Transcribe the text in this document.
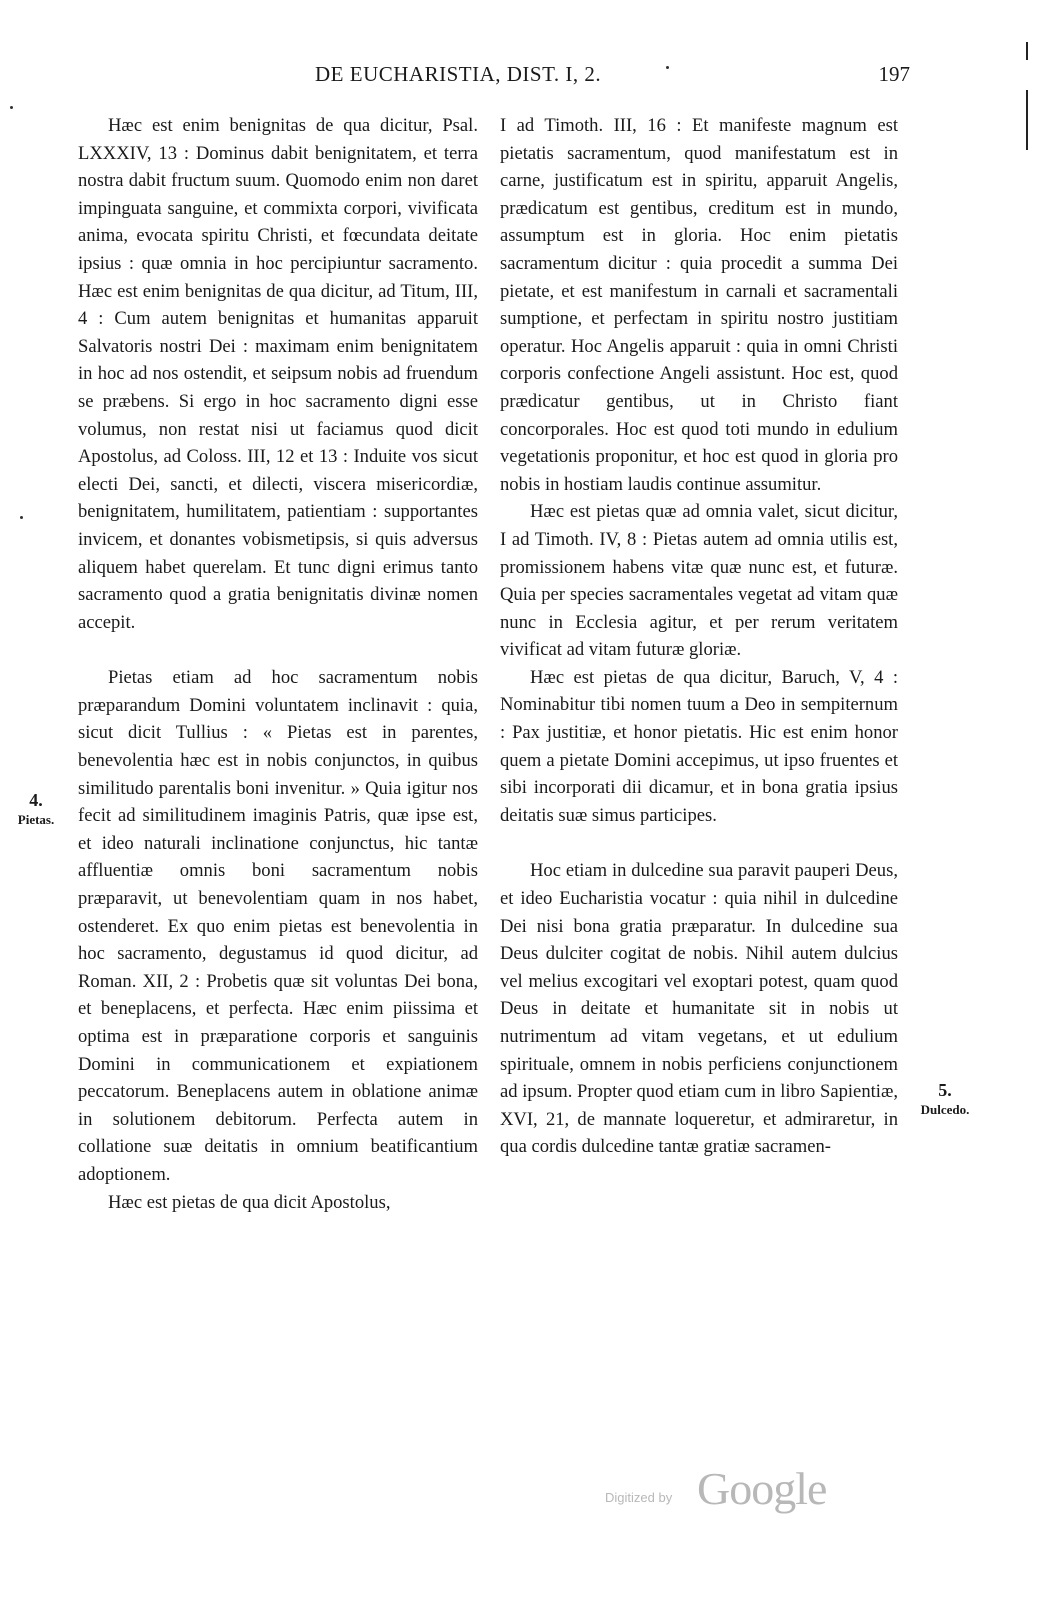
DE EUCHARISTIA, DIST. I, 2.	197

Hæc est enim benignitas de qua dicitur, Psal. LXXXIV, 13 : Dominus dabit benignitatem, et terra nostra dabit fructum suum. Quomodo enim non daret impinguata sanguine, et commixta corpori, vivificata anima, evocata spiritu Christi, et fœcundata deitate ipsius : quæ omnia in hoc percipiuntur sacramento. Hæc est enim benignitas de qua dicitur, ad Titum, III, 4 : Cum autem benignitas et humanitas apparuit Salvatoris nostri Dei : maximam enim benignitatem in hoc ad nos ostendit, et seipsum nobis ad fruendum se præbens. Si ergo in hoc sacramento digni esse volumus, non restat nisi ut faciamus quod dicit Apostolus, ad Coloss. III, 12 et 13 : Induite vos sicut electi Dei, sancti, et dilecti, viscera misericordiæ, benignitatem, humilitatem, patientiam : supportantes invicem, et donantes vobismetipsis, si quis adversus aliquem habet querelam. Et tunc digni erimus tanto sacramento quod a gratia benignitatis divinæ nomen accepit.

Pietas etiam ad hoc sacramentum nobis præparandum Domini voluntatem inclinavit : quia, sicut dicit Tullius : « Pietas est in parentes, benevolentia hæc est in nobis conjunctos, in quibus similitudo parentalis boni invenitur. » Quia igitur nos fecit ad similitudinem imaginis Patris, quæ ipse est, et ideo naturali inclinatione conjunctus, hic tantæ affluentiæ omnis boni sacramentum nobis præparavit, ut benevolentiam quam in nos habet, ostenderet. Ex quo enim pietas est benevolentia in hoc sacramento, degustamus id quod dicitur, ad Roman. XII, 2 : Probetis quæ sit voluntas Dei bona, et beneplacens, et perfecta. Hæc enim piissima et optima est in præparatione corporis et sanguinis Domini in communicationem et expiationem peccatorum. Beneplacens autem in oblatione animæ in solutionem debitorum. Perfecta autem in collatione suæ deitatis in omnium beatificantium adoptionem.

Hæc est pietas de qua dicit Apostolus,

I ad Timoth. III, 16 : Et manifeste magnum est pietatis sacramentum, quod manifestatum est in carne, justificatum est in spiritu, apparuit Angelis, prædicatum est gentibus, creditum est in mundo, assumptum est in gloria. Hoc enim pietatis sacramentum dicitur : quia procedit a summa Dei pietate, et est manifestum in carnali et sacramentali sumptione, et perfectam in spiritu nostro justitiam operatur. Hoc Angelis apparuit : quia in omni Christi corporis confectione Angeli assistunt. Hoc est, quod prædicatur gentibus, ut in Christo fiant concorporales. Hoc est quod toti mundo in edulium vegetationis proponitur, et hoc est quod in gloria pro nobis in hostiam laudis continue assumitur.

Hæc est pietas quæ ad omnia valet, sicut dicitur, I ad Timoth. IV, 8 : Pietas autem ad omnia utilis est, promissionem habens vitæ quæ nunc est, et futuræ. Quia per species sacramentales vegetat ad vitam quæ nunc in Ecclesia agitur, et per rerum veritatem vivificat ad vitam futuræ gloriæ.

Hæc est pietas de qua dicitur, Baruch, V, 4 : Nominabitur tibi nomen tuum a Deo in sempiternum : Pax justitiæ, et honor pietatis. Hic est enim honor quem a pietate Domini accepimus, ut ipso fruentes et sibi incorporati dii dicamur, et in bona gratia ipsius deitatis suæ simus participes.

Hoc etiam in dulcedine sua paravit pauperi Deus, et ideo Eucharistia vocatur : quia nihil in dulcedine Dei nisi bona gratia præparatur. In dulcedine sua Deus dulciter cogitat de nobis. Nihil autem dulcius vel melius excogitari vel exoptari potest, quam quod Deus in deitate et humanitate sit in nobis ut nutrimentum ad vitam vegetans, et ut edulium spirituale, omnem in nobis perficiens conjunctionem ad ipsum. Propter quod etiam cum in libro Sapientiæ, XVI, 21, de mannate loqueretur, et admiraretur, in qua cordis dulcedine tantæ gratiæ sacramen-

4.
Pietas.
5.
Dulcedo.
Digitized by Google
